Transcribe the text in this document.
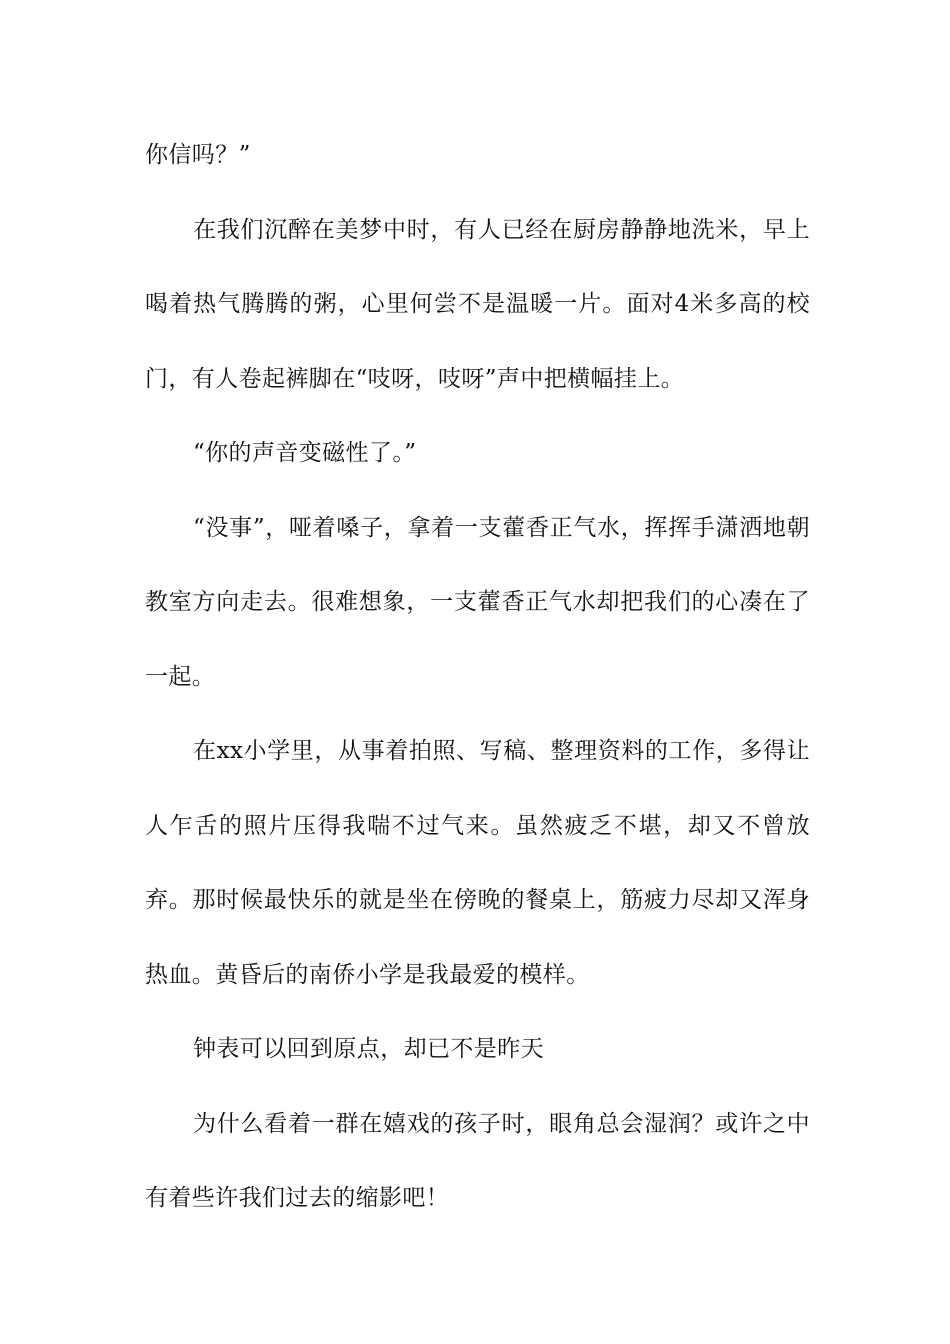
你信吗？”

在我们沉醉在美梦中时，有人已经在厨房静静地洗米，早上喝着热气腾腾的粥，心里何尝不是温暖一片。面对4米多高的校门，有人卷起裤脚在“吱呀，吱呀”声中把横幅挂上。

“你的声音变磁性了。”

“没事”，哑着嗓子，拿着一支藿香正气水，挥挥手潇洒地朝教室方向走去。很难想象，一支藿香正气水却把我们的心凑在了一起。

在xx小学里，从事着拍照、写稿、整理资料的工作，多得让人乍舌的照片压得我喘不过气来。虽然疲乏不堪，却又不曾放弃。那时候最快乐的就是坐在傍晚的餐桌上，筋疲力尽却又浑身热血。黄昏后的南侨小学是我最爱的模样。

钟表可以回到原点，却已不是昨天

为什么看着一群在嬉戏的孩子时，眼角总会湿润？或许之中有着些许我们过去的缩影吧！
